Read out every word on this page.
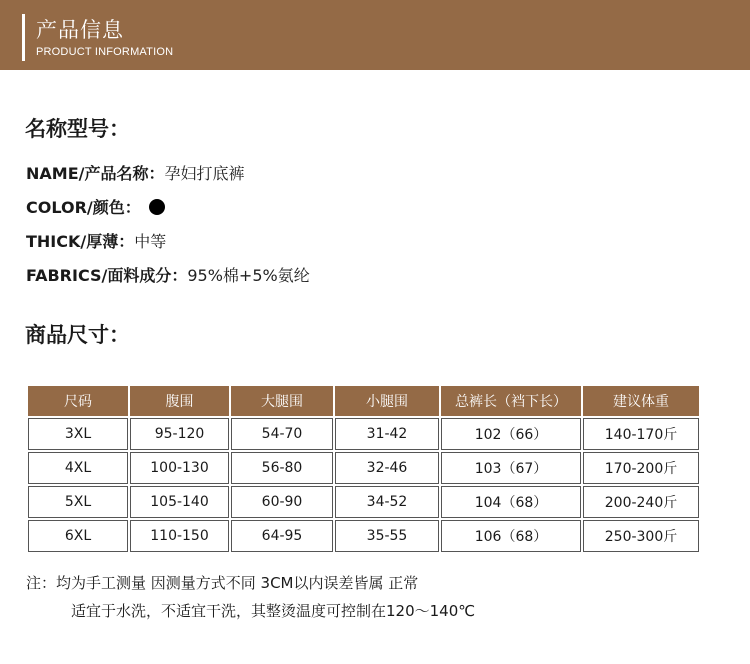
产品信息
PRODUCT INFORMATION
名称型号：
NAME/产品名称：孕妇打底裤
COLOR/颜色：
THICK/厚薄：中等
FABRICS/面料成分：95%棉+5%氨纶
商品尺寸：
尺码	腹围	大腿围	小腿围	总裤长（裆下长）	建议体重
3XL	95-120	54-70	31-42	102（66）	140-170斤
4XL	100-130	56-80	32-46	103（67）	170-200斤
5XL	105-140	60-90	34-52	104（68）	200-240斤
6XL	110-150	64-95	35-55	106（68）	250-300斤
注：均为手工测量 因测量方式不同 3CM以内误差皆属 正常
适宜于水洗，不适宜干洗，其整烫温度可控制在120～140℃
